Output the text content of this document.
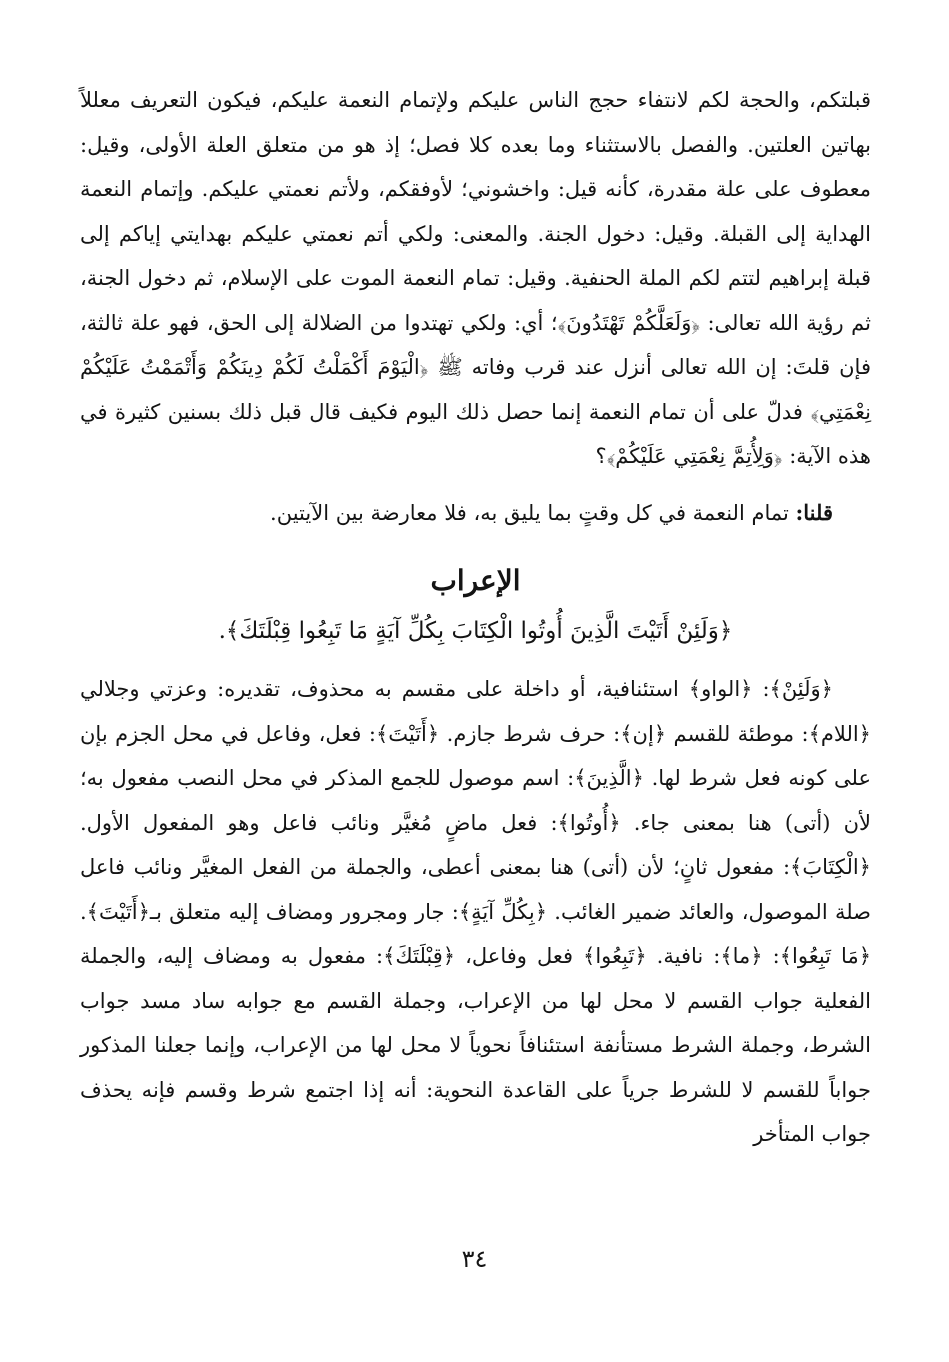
قبلتكم، والحجة لكم لانتفاء حجج الناس عليكم ولإتمام النعمة عليكم، فيكون التعريف معللاً بهاتين العلتين. والفصل بالاستثناء وما بعده كلا فصل؛ إذ هو من متعلق العلة الأولى، وقيل: معطوف على علة مقدرة، كأنه قيل: واخشوني؛ لأوفقكم، ولأتم نعمتي عليكم. وإتمام النعمة الهداية إلى القبلة. وقيل: دخول الجنة. والمعنى: ولكي أتم نعمتي عليكم بهدايتي إياكم إلى قبلة إبراهيم لتتم لكم الملة الحنفية. وقيل: تمام النعمة الموت على الإسلام، ثم دخول الجنة، ثم رؤية الله تعالى: ﴿وَلَعَلَّكُمْ تَهْتَدُونَ﴾؛ أي: ولكي تهتدوا من الضلالة إلى الحق، فهو علة ثالثة، فإن قلتَ: إن الله تعالى أنزل عند قرب وفاته ﷺ ﴿الْيَوْمَ أَكْمَلْتُ لَكُمْ دِينَكُمْ وَأَتْمَمْتُ عَلَيْكُمْ نِعْمَتِي﴾ فدلّ على أن تمام النعمة إنما حصل ذلك اليوم فكيف قال قبل ذلك بسنين كثيرة في هذه الآية: ﴿وَلِأُتِمَّ نِعْمَتِي عَلَيْكُمْ﴾؟

قلنا: تمام النعمة في كل وقتٍ بما يليق به، فلا معارضة بين الآيتين.

الإعراب

﴿وَلَئِنْ أَتَيْتَ الَّذِينَ أُوتُوا الْكِتَابَ بِكُلِّ آيَةٍ مَا تَبِعُوا قِبْلَتَكَ﴾.

﴿وَلَئِنْ﴾: ﴿الواو﴾ استئنافية، أو داخلة على مقسم به محذوف، تقديره: وعزتي وجلالي ﴿اللام﴾: موطئة للقسم ﴿إن﴾: حرف شرط جازم. ﴿أَتَيْتَ﴾: فعل، وفاعل في محل الجزم بإن على كونه فعل شرط لها. ﴿الَّذِينَ﴾: اسم موصول للجمع المذكر في محل النصب مفعول به؛ لأن (أتى) هنا بمعنى جاء. ﴿أُوتُوا﴾: فعل ماضٍ مُغيَّر ونائب فاعل وهو المفعول الأول. ﴿الْكِتَابَ﴾: مفعول ثانٍ؛ لأن (أتى) هنا بمعنى أعطى، والجملة من الفعل المغيَّر ونائب فاعل صلة الموصول، والعائد ضمير الغائب. ﴿بِكُلِّ آيَةٍ﴾: جار ومجرور ومضاف إليه متعلق بـ﴿أَتَيْتَ﴾. ﴿مَا تَبِعُوا﴾: ﴿ما﴾: نافية. ﴿تَبِعُوا﴾ فعل وفاعل، ﴿قِبْلَتَكَ﴾: مفعول به ومضاف إليه، والجملة الفعلية جواب القسم لا محل لها من الإعراب، وجملة القسم مع جوابه ساد مسد جواب الشرط، وجملة الشرط مستأنفة استئنافاً نحوياً لا محل لها من الإعراب، وإنما جعلنا المذكور جواباً للقسم لا للشرط جرياً على القاعدة النحوية: أنه إذا اجتمع شرط وقسم فإنه يحذف جواب المتأخر

٣٤
